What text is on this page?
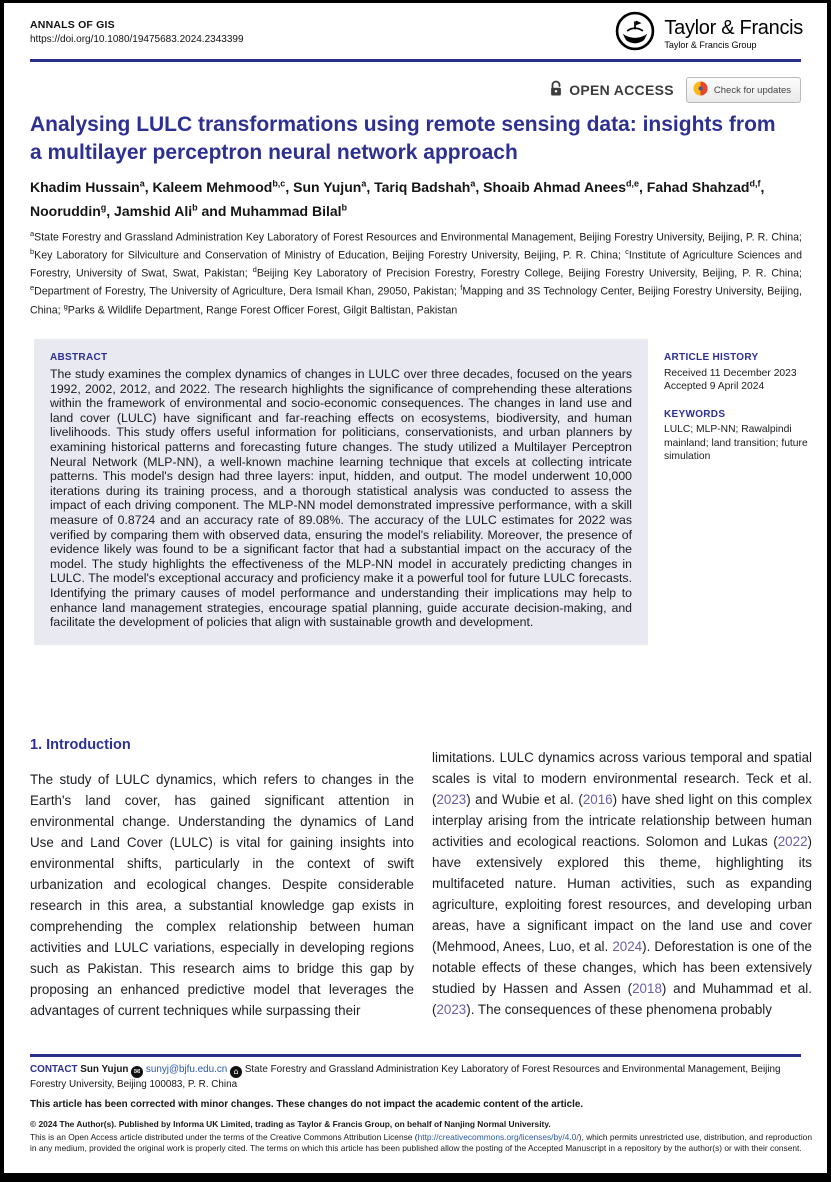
ANNALS OF GIS
https://doi.org/10.1080/19475683.2024.2343399
Taylor & Francis
Taylor & Francis Group
OPEN ACCESS	Check for updates
Analysing LULC transformations using remote sensing data: insights from a multilayer perceptron neural network approach
Khadim Hussain$^a$, Kaleem Mehmood$^{b,c}$, Sun Yujun$^a$, Tariq Badshah$^a$, Shoaib Ahmad Anees$^{d,e}$, Fahad Shahzad$^{d,f}$, Nooruddin$^g$, Jamshid Ali$^b$ and Muhammad Bilal$^b$
$^a$State Forestry and Grassland Administration Key Laboratory of Forest Resources and Environmental Management, Beijing Forestry University, Beijing, P. R. China; $^b$Key Laboratory for Silviculture and Conservation of Ministry of Education, Beijing Forestry University, Beijing, P. R. China; $^c$Institute of Agriculture Sciences and Forestry, University of Swat, Swat, Pakistan; $^d$Beijing Key Laboratory of Precision Forestry, Forestry College, Beijing Forestry University, Beijing, P. R. China; $^e$Department of Forestry, The University of Agriculture, Dera Ismail Khan, 29050, Pakistan; $^f$Mapping and 3S Technology Center, Beijing Forestry University, Beijing, China; $^g$Parks & Wildlife Department, Range Forest Officer Forest, Gilgit Baltistan, Pakistan

ABSTRACT

The study examines the complex dynamics of changes in LULC over three decades, focused on the years 1992, 2002, 2012, and 2022. The research highlights the significance of comprehending these alterations within the framework of environmental and socio-economic consequences. The changes in land use and land cover (LULC) have significant and far-reaching effects on ecosystems, biodiversity, and human livelihoods. This study offers useful information for politicians, conservationists, and urban planners by examining historical patterns and forecasting future changes. The study utilized a Multilayer Perceptron Neural Network (MLP-NN), a well-known machine learning technique that excels at collecting intricate patterns. This model's design had three layers: input, hidden, and output. The model underwent 10,000 iterations during its training process, and a thorough statistical analysis was conducted to assess the impact of each driving component. The MLP-NN model demonstrated impressive performance, with a skill measure of 0.8724 and an accuracy rate of 89.08%. The accuracy of the LULC estimates for 2022 was verified by comparing them with observed data, ensuring the model's reliability. Moreover, the presence of evidence likely was found to be a significant factor that had a substantial impact on the accuracy of the model. The study highlights the effectiveness of the MLP-NN model in accurately predicting changes in LULC. The model's exceptional accuracy and proficiency make it a powerful tool for future LULC forecasts. Identifying the primary causes of model performance and understanding their implications may help to enhance land management strategies, encourage spatial planning, guide accurate decision-making, and facilitate the development of policies that align with sustainable growth and development.

ARTICLE HISTORY

Received 11 December 2023
Accepted 9 April 2024

KEYWORDS

LULC; MLP-NN; Rawalpindi mainland; land transition; future simulation
1. Introduction
The study of LULC dynamics, which refers to changes in the Earth's land cover, has gained significant attention in environmental change. Understanding the dynamics of Land Use and Land Cover (LULC) is vital for gaining insights into environmental shifts, particularly in the context of swift urbanization and ecological changes. Despite considerable research in this area, a substantial knowledge gap exists in comprehending the complex relationship between human activities and LULC variations, especially in developing regions such as Pakistan. This research aims to bridge this gap by proposing an enhanced predictive model that leverages the advantages of current techniques while surpassing their
limitations. LULC dynamics across various temporal and spatial scales is vital to modern environmental research. Teck et al. (2023) and Wubie et al. (2016) have shed light on this complex interplay arising from the intricate relationship between human activities and ecological reactions. Solomon and Lukas (2022) have extensively explored this theme, highlighting its multifaceted nature. Human activities, such as expanding agriculture, exploiting forest resources, and developing urban areas, have a significant impact on the land use and cover (Mehmood, Anees, Luo, et al. 2024). Deforestation is one of the notable effects of these changes, which has been extensively studied by Hassen and Assen (2018) and Muhammad et al. (2023). The consequences of these phenomena probably
CONTACT Sun Yujun ✉ sunyj@bjfu.edu.cn ⌂ State Forestry and Grassland Administration Key Laboratory of Forest Resources and Environmental Management, Beijing Forestry University, Beijing 100083, P. R. China
This article has been corrected with minor changes. These changes do not impact the academic content of the article.
© 2024 The Author(s). Published by Informa UK Limited, trading as Taylor & Francis Group, on behalf of Nanjing Normal University.
This is an Open Access article distributed under the terms of the Creative Commons Attribution License (http://creativecommons.org/licenses/by/4.0/), which permits unrestricted use, distribution, and reproduction in any medium, provided the original work is properly cited. The terms on which this article has been published allow the posting of the Accepted Manuscript in a repository by the author(s) or with their consent.
